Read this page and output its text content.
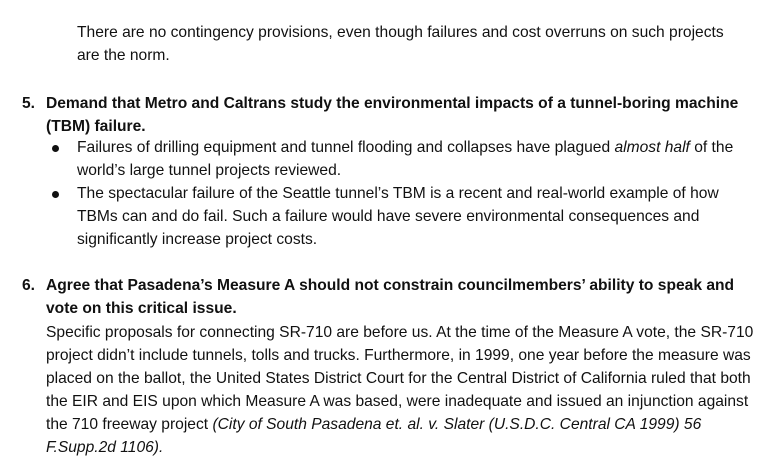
There are no contingency provisions, even though failures and cost overruns on such projects are the norm.
5. Demand that Metro and Caltrans study the environmental impacts of a tunnel-boring machine (TBM) failure.
Failures of drilling equipment and tunnel flooding and collapses have plagued almost half of the world’s large tunnel projects reviewed.
The spectacular failure of the Seattle tunnel’s TBM is a recent and real-world example of how TBMs can and do fail. Such a failure would have severe environmental consequences and significantly increase project costs.
6. Agree that Pasadena’s Measure A should not constrain councilmembers’ ability to speak and vote on this critical issue.
Specific proposals for connecting SR-710 are before us. At the time of the Measure A vote, the SR-710 project didn’t include tunnels, tolls and trucks. Furthermore, in 1999, one year before the measure was placed on the ballot, the United States District Court for the Central District of California ruled that both the EIR and EIS upon which Measure A was based, were inadequate and issued an injunction against the 710 freeway project (City of South Pasadena et. al. v. Slater (U.S.D.C. Central CA 1999) 56 F.Supp.2d 1106).
